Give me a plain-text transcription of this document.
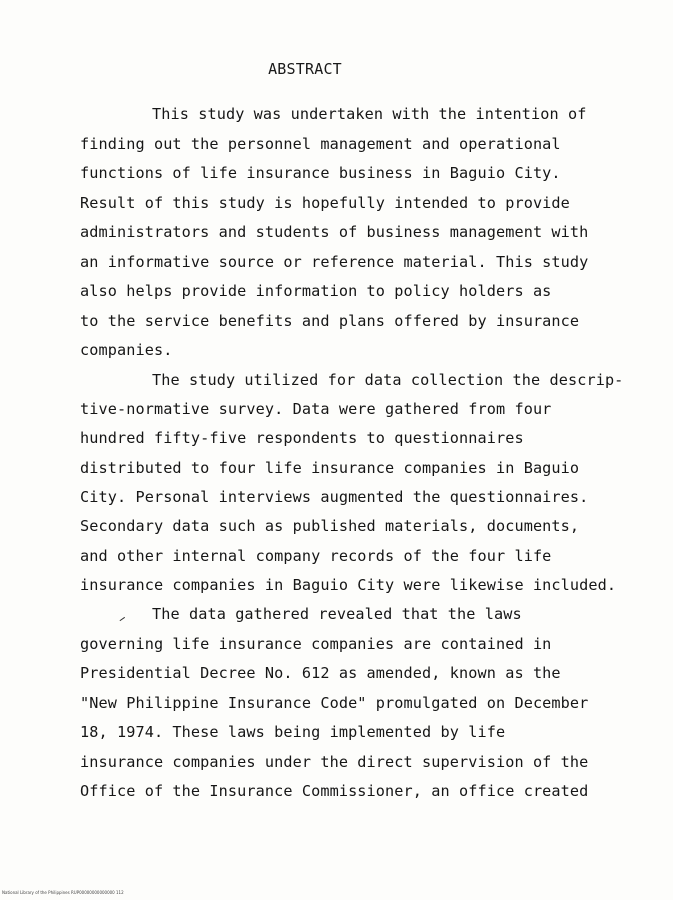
ABSTRACT
This study was undertaken with the intention of
finding out the personnel management and operational
functions of life insurance business in Baguio City.
Result of this study is hopefully intended to provide
administrators and students of business management with
an informative source or reference material. This study
also helps provide information to policy holders as
to the service benefits and plans offered by insurance
companies.
The study utilized for data collection the descrip-
tive-normative survey. Data were gathered from four
hundred fifty-five respondents to questionnaires
distributed to four life insurance companies in Baguio
City. Personal interviews augmented the questionnaires.
Secondary data such as published materials, documents,
and other internal company records of the four life
insurance companies in Baguio City were likewise included.
The data gathered revealed that the laws
governing life insurance companies are contained in
Presidential Decree No. 612 as amended, known as the
"New Philippine Insurance Code" promulgated on December
18, 1974. These laws being implemented by life
insurance companies under the direct supervision of the
Office of the Insurance Commissioner, an office created
National Library of the Philippines RUP00000000000000 112
